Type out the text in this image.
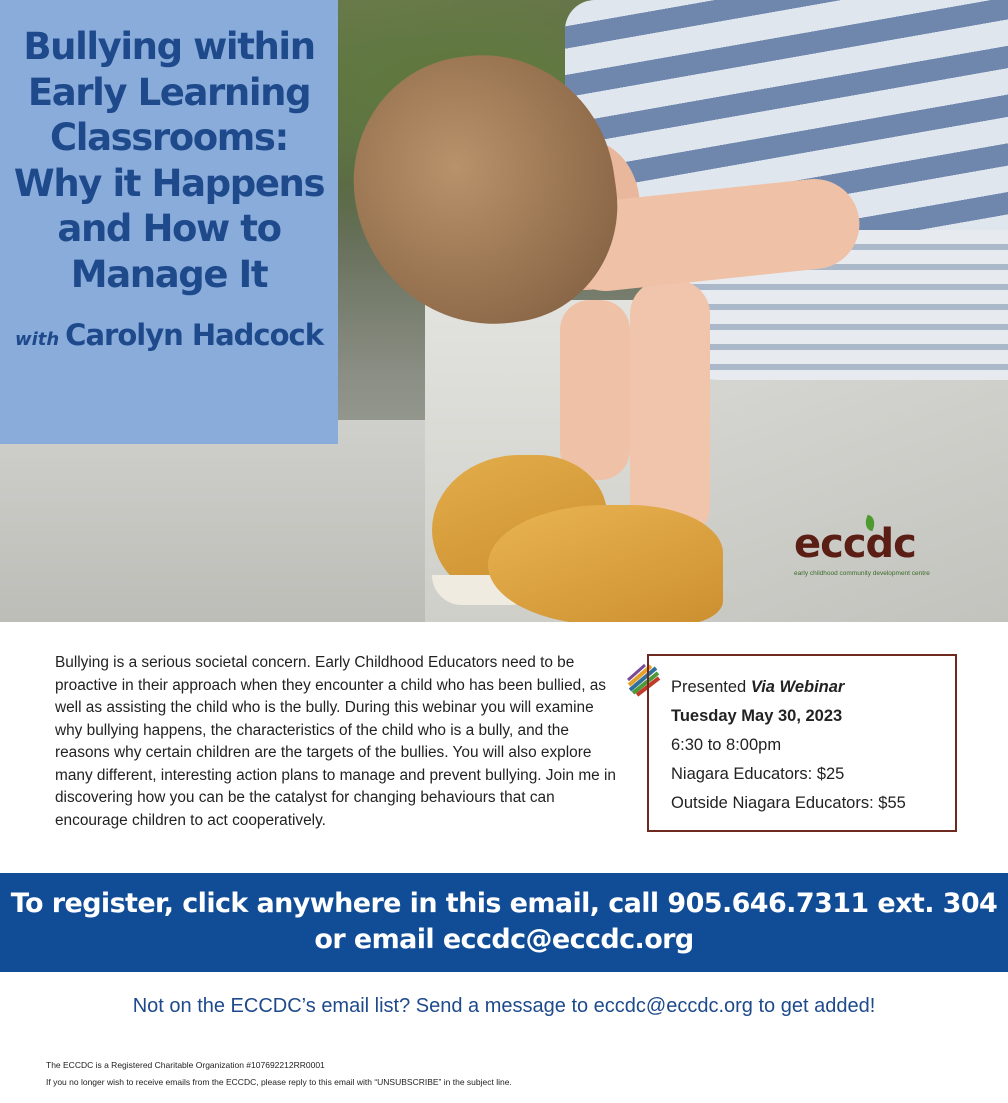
eccdc
early childhood community development centre
Bullying within
Early Learning
Classrooms:
Why it Happens
and How to
Manage It
with Carolyn Hadcock
Bullying is a serious societal concern. Early Childhood Educators need to be proactive in their approach when they encounter a child who has been bullied, as well as assisting the child who is the bully. During this webinar you will examine why bullying happens, the characteristics of the child who is a bully, and the reasons why certain children are the targets of the bullies. You will also explore many different, interesting action plans to manage and prevent bullying. Join me in discovering how you can be the catalyst for changing behaviours that can encourage children to act cooperatively.
Presented Via Webinar
Tuesday May 30, 2023
6:30 to 8:00pm
Niagara Educators: $25
Outside Niagara Educators: $55
To register, click anywhere in this email, call 905.646.7311 ext. 304
or email eccdc@eccdc.org
Not on the ECCDC’s email list? Send a message to eccdc@eccdc.org to get added!
The ECCDC is a Registered Charitable Organization #107692212RR0001
If you no longer wish to receive emails from the ECCDC, please reply to this email with “UNSUBSCRIBE” in the subject line.
